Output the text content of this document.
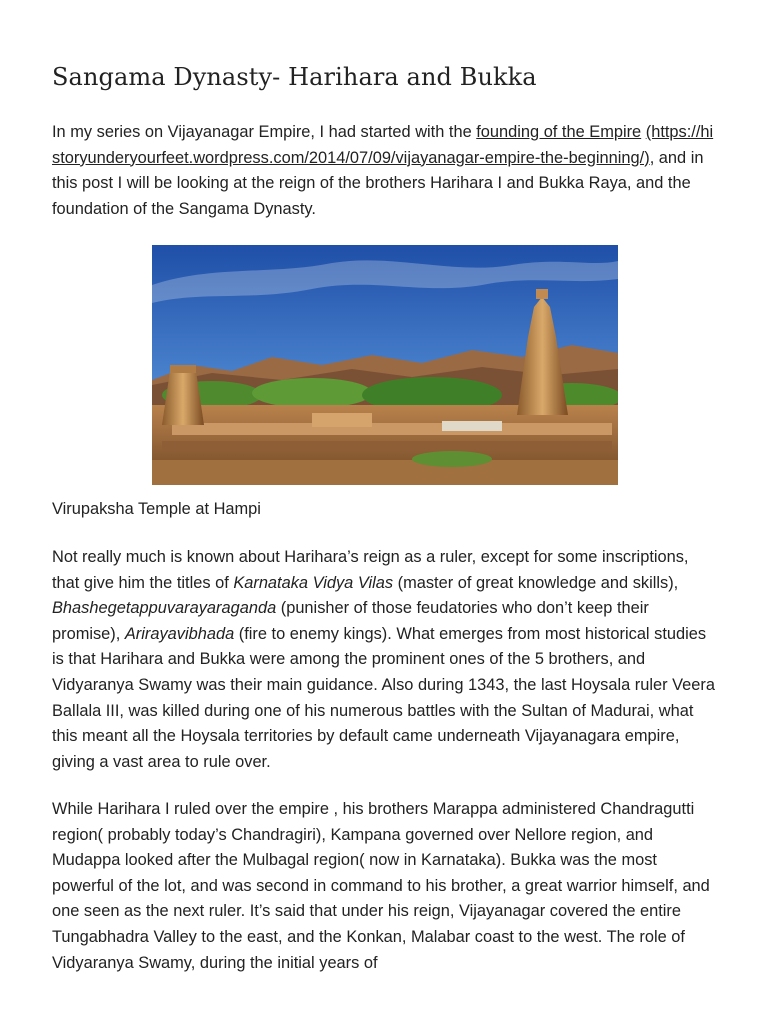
Sangama Dynasty- Harihara and Bukka

In my series on Vijayanagar Empire, I had started with the founding of the Empire (https://historyunderyourfeet.wordpress.com/2014/07/09/vijayanagar-empire-the-beginning/), and in this post I will be looking at the reign of the brothers Harihara I and Bukka Raya, and the foundation of the Sangama Dynasty.

Virupaksha Temple at Hampi

Not really much is known about Harihara’s reign as a ruler, except for some inscriptions, that give him the titles of Karnataka Vidya Vilas (master of great knowledge and skills), Bhashegetappuvarayaraganda (punisher of those feudatories who don’t keep their promise), Arirayavibhada (fire to enemy kings). What emerges from most historical studies is that Harihara and Bukka were among the prominent ones of the 5 brothers, and Vidyaranya Swamy was their main guidance. Also during 1343, the last Hoysala ruler Veera Ballala III, was killed during one of his numerous battles with the Sultan of Madurai, what this meant all the Hoysala territories by default came underneath Vijayanagara empire, giving a vast area to rule over.

While Harihara I ruled over the empire , his brothers Marappa administered Chandragutti region( probably today’s Chandragiri), Kampana governed over Nellore region, and Mudappa looked after the Mulbagal region( now in Karnataka). Bukka was the most powerful of the lot, and was second in command to his brother, a great warrior himself, and one seen as the next ruler. It’s said that under his reign, Vijayanagar covered the entire Tungabhadra Valley to the east, and the Konkan, Malabar coast to the west. The role of Vidyaranya Swamy, during the initial years of
